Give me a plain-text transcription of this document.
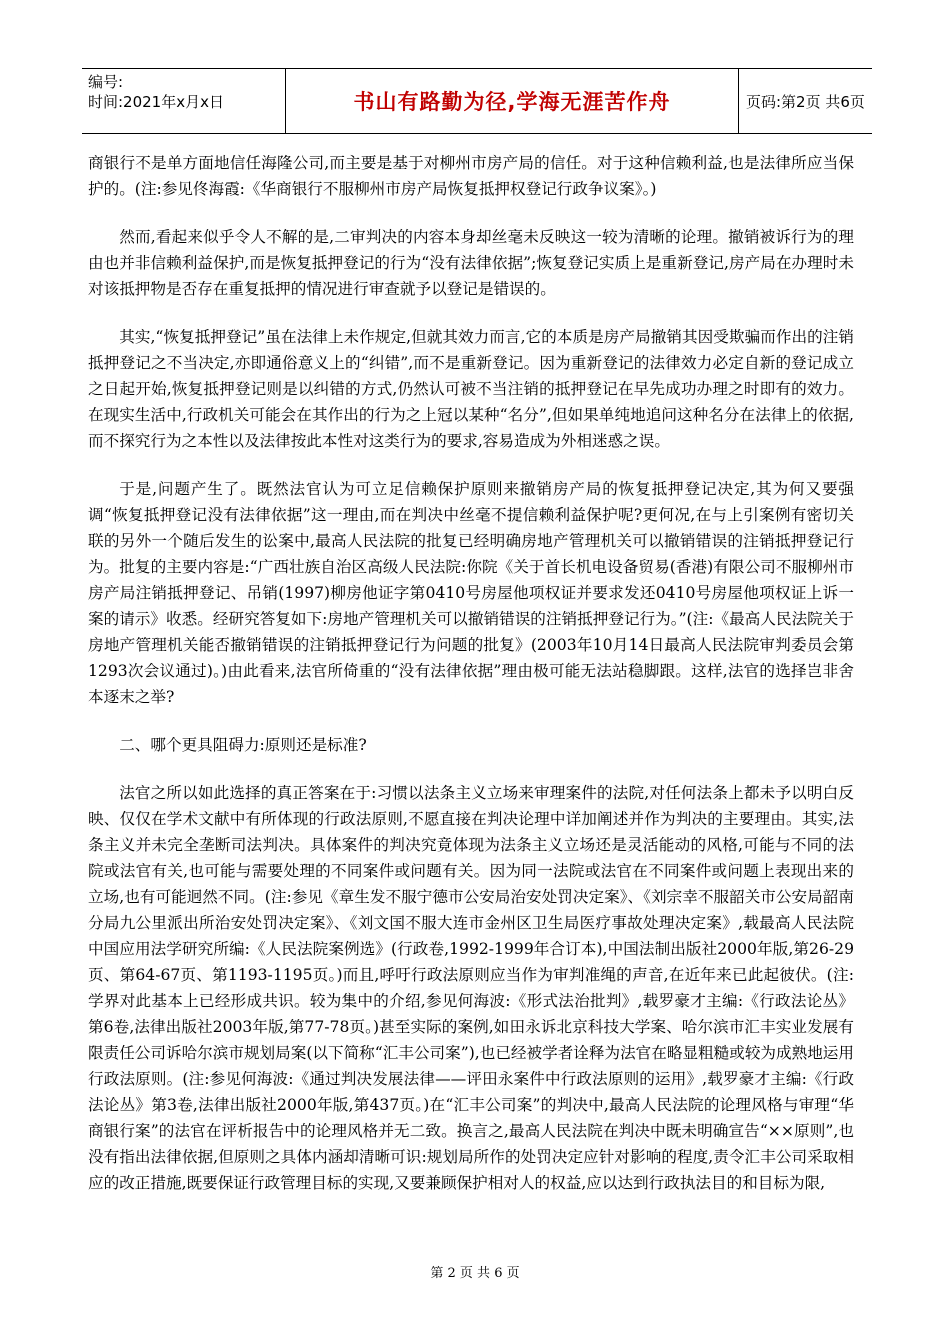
编号:
时间:2021年x月x日	书山有路勤为径,学海无涯苦作舟	页码:第2页 共6页

商银行不是单方面地信任海隆公司,而主要是基于对柳州市房产局的信任。对于这种信赖利益,也是法律所应当保护的。(注:参见佟海霞:《华商银行不服柳州市房产局恢复抵押权登记行政争议案》。)

然而,看起来似乎令人不解的是,二审判决的内容本身却丝毫未反映这一较为清晰的论理。撤销被诉行为的理由也并非信赖利益保护,而是恢复抵押登记的行为“没有法律依据”;恢复登记实质上是重新登记,房产局在办理时未对该抵押物是否存在重复抵押的情况进行审查就予以登记是错误的。

其实,“恢复抵押登记”虽在法律上未作规定,但就其效力而言,它的本质是房产局撤销其因受欺骗而作出的注销抵押登记之不当决定,亦即通俗意义上的“纠错”,而不是重新登记。因为重新登记的法律效力必定自新的登记成立之日起开始,恢复抵押登记则是以纠错的方式,仍然认可被不当注销的抵押登记在早先成功办理之时即有的效力。在现实生活中,行政机关可能会在其作出的行为之上冠以某种“名分”,但如果单纯地追问这种名分在法律上的依据,而不探究行为之本性以及法律按此本性对这类行为的要求,容易造成为外相迷惑之误。

于是,问题产生了。既然法官认为可立足信赖保护原则来撤销房产局的恢复抵押登记决定,其为何又要强调“恢复抵押登记没有法律依据”这一理由,而在判决中丝毫不提信赖利益保护呢?更何况,在与上引案例有密切关联的另外一个随后发生的讼案中,最高人民法院的批复已经明确房地产管理机关可以撤销错误的注销抵押登记行为。批复的主要内容是:“广西壮族自治区高级人民法院:你院《关于首长机电设备贸易(香港)有限公司不服柳州市房产局注销抵押登记、吊销(1997)柳房他证字第0410号房屋他项权证并要求发还0410号房屋他项权证上诉一案的请示》收悉。经研究答复如下:房地产管理机关可以撤销错误的注销抵押登记行为。”(注:《最高人民法院关于房地产管理机关能否撤销错误的注销抵押登记行为问题的批复》(2003年10月14日最高人民法院审判委员会第1293次会议通过)。)由此看来,法官所倚重的“没有法律依据”理由极可能无法站稳脚跟。这样,法官的选择岂非舍本逐末之举?

二、哪个更具阻碍力:原则还是标准?

法官之所以如此选择的真正答案在于:习惯以法条主义立场来审理案件的法院,对任何法条上都未予以明白反映、仅仅在学术文献中有所体现的行政法原则,不愿直接在判决论理中详加阐述并作为判决的主要理由。其实,法条主义并未完全垄断司法判决。具体案件的判决究竟体现为法条主义立场还是灵活能动的风格,可能与不同的法院或法官有关,也可能与需要处理的不同案件或问题有关。因为同一法院或法官在不同案件或问题上表现出来的立场,也有可能迥然不同。(注:参见《章生发不服宁德市公安局治安处罚决定案》、《刘宗幸不服韶关市公安局韶南分局九公里派出所治安处罚决定案》、《刘文国不服大连市金州区卫生局医疗事故处理决定案》,载最高人民法院中国应用法学研究所编:《人民法院案例选》(行政卷,1992-1999年合订本),中国法制出版社2000年版,第26-29页、第64-67页、第1193-1195页。)而且,呼吁行政法原则应当作为审判准绳的声音,在近年来已此起彼伏。(注:学界对此基本上已经形成共识。较为集中的介绍,参见何海波:《形式法治批判》,载罗豪才主编:《行政法论丛》第6卷,法律出版社2003年版,第77-78页。)甚至实际的案例,如田永诉北京科技大学案、哈尔滨市汇丰实业发展有限责任公司诉哈尔滨市规划局案(以下简称“汇丰公司案”),也已经被学者诠释为法官在略显粗糙或较为成熟地运用行政法原则。(注:参见何海波:《通过判决发展法律——评田永案件中行政法原则的运用》,载罗豪才主编:《行政法论丛》第3卷,法律出版社2000年版,第437页。)在“汇丰公司案”的判决中,最高人民法院的论理风格与审理“华商银行案”的法官在评析报告中的论理风格并无二致。换言之,最高人民法院在判决中既未明确宣告“××原则”,也没有指出法律依据,但原则之具体内涵却清晰可识:规划局所作的处罚决定应针对影响的程度,责令汇丰公司采取相应的改正措施,既要保证行政管理目标的实现,又要兼顾保护相对人的权益,应以达到行政执法目的和目标为限,

第 2 页 共 6 页
